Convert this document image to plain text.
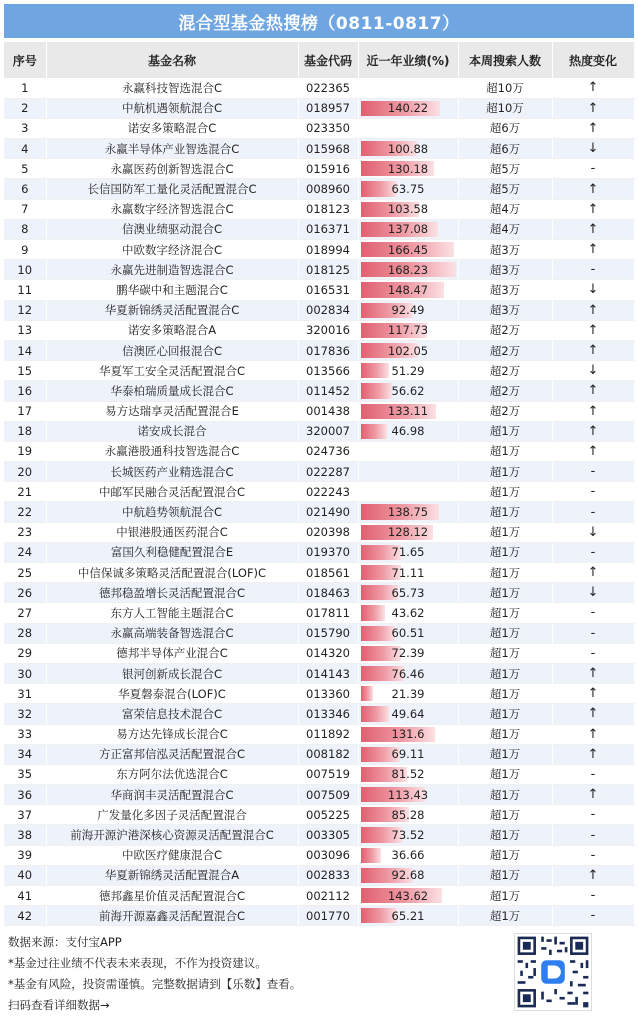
混合型基金热搜榜（0811-0817）
序号	基金名称	基金代码	近一年业绩(%)	本周搜索人数	热度变化
1	永赢科技智选混合C	022365		超10万	↑
2	中航机遇领航混合C	018957	140.22	超10万	↑
3	诺安多策略混合C	023350		超6万	↑
4	永赢半导体产业智选混合C	015968	100.88	超6万	↓
5	永赢医药创新智选混合C	015916	130.18	超5万	-
6	长信国防军工量化灵活配置混合C	008960	63.75	超5万	↑
7	永赢数字经济智选混合C	018123	103.58	超4万	↑
8	信澳业绩驱动混合C	016371	137.08	超4万	↑
9	中欧数字经济混合C	018994	166.45	超3万	↑
10	永赢先进制造智选混合C	018125	168.23	超3万	-
11	鹏华碳中和主题混合C	016531	148.47	超3万	↓
12	华夏新锦绣灵活配置混合C	002834	92.49	超3万	↑
13	诺安多策略混合A	320016	117.73	超2万	↑
14	信澳匠心回报混合C	017836	102.05	超2万	↑
15	华夏军工安全灵活配置混合C	013566	51.29	超2万	↓
16	华泰柏瑞质量成长混合C	011452	56.62	超2万	↑
17	易方达瑞享灵活配置混合E	001438	133.11	超2万	↑
18	诺安成长混合	320007	46.98	超1万	↑
19	永赢港股通科技智选混合C	024736		超1万	↑
20	长城医药产业精选混合C	022287		超1万	-
21	中邮军民融合灵活配置混合C	022243		超1万	-
22	中航趋势领航混合C	021490	138.75	超1万	-
23	中银港股通医药混合C	020398	128.12	超1万	↓
24	富国久利稳健配置混合E	019370	71.65	超1万	-
25	中信保诚多策略灵活配置混合(LOF)C	018561	71.11	超1万	↑
26	德邦稳盈增长灵活配置混合C	018463	65.73	超1万	↓
27	东方人工智能主题混合C	017811	43.62	超1万	-
28	永赢高端装备智选混合C	015790	60.51	超1万	-
29	德邦半导体产业混合C	014320	72.39	超1万	-
30	银河创新成长混合C	014143	76.46	超1万	↑
31	华夏磐泰混合(LOF)C	013360	21.39	超1万	↑
32	富荣信息技术混合C	013346	49.64	超1万	↑
33	易方达先锋成长混合C	011892	131.6	超1万	↑
34	方正富邦信泓灵活配置混合C	008182	69.11	超1万	↑
35	东方阿尔法优选混合C	007519	81.52	超1万	-
36	华商润丰灵活配置混合C	007509	113.43	超1万	↑
37	广发量化多因子灵活配置混合	005225	85.28	超1万	-
38	前海开源沪港深核心资源灵活配置混合C	003305	73.52	超1万	-
39	中欧医疗健康混合C	003096	36.66	超1万	-
40	华夏新锦绣灵活配置混合A	002833	92.68	超1万	↑
41	德邦鑫星价值灵活配置混合C	002112	143.62	超1万	-
42	前海开源嘉鑫灵活配置混合C	001770	65.21	超1万	-
数据来源：支付宝APP
*基金过往业绩不代表未来表现，不作为投资建议。
*基金有风险，投资需谨慎。完整数据请到【乐数】查看。
扫码查看详细数据→
